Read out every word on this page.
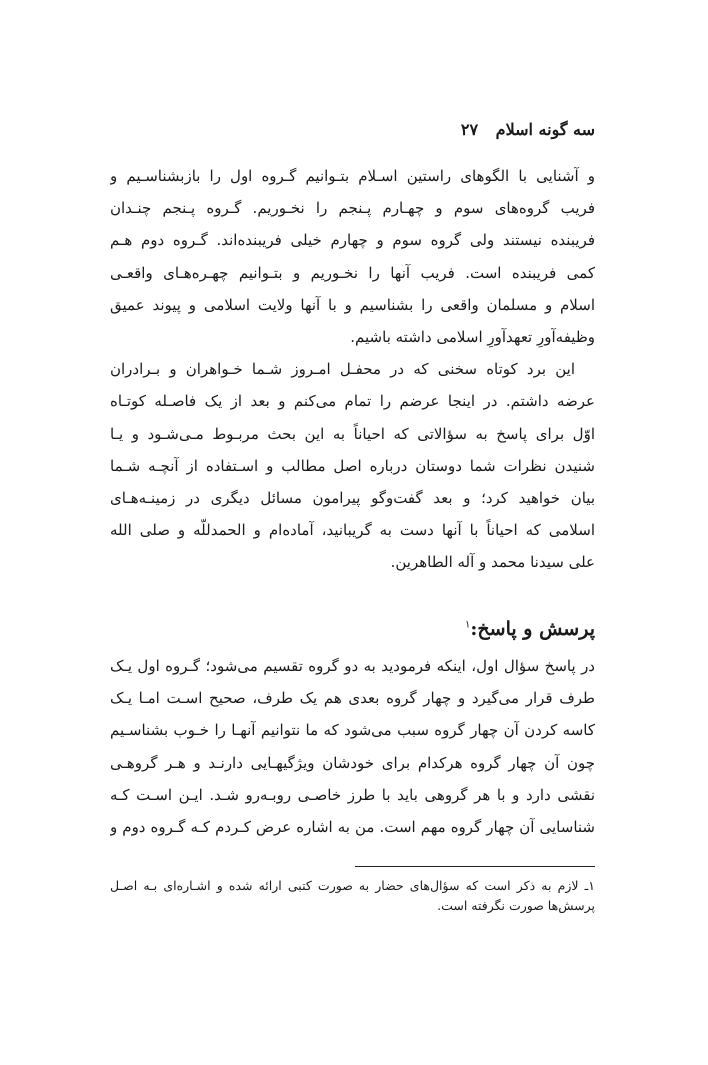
سه گونه اسلام ۲۷
و آشنایی با الگوهای راستین اسـلام بتـوانیم گـروه اول را بازبشناسـیم و
فریب گروه‌های سوم و چهـارم پـنجم را نخـوریم. گـروه پـنجم چنـدان
فریبنده نیستند ولی گروه سوم و چهارم خیلی فریبنده‌اند. گـروه دوم هـم
کمی فریبنده است. فریب آنها را نخـوریم و بتـوانیم چهـره‌هـای واقعـی
اسلام و مسلمان واقعی را بشناسیم و با آنها ولایت اسلامی و پیوند عمیق
وظیفه‌آورِ تعهدآورِ اسلامی داشته باشیم.
این برد کوتاه سخنی که در محفـل امـروز شـما خـواهران و بـرادران
عرضه داشتم. در اینجا عرضم را تمام می‌کنم و بعد از یک فاصـله کوتـاه
اوّل برای پاسخ به سؤالاتی که احیاناً به این بحث مربـوط مـی‌شـود و یـا
شنیدن نظرات شما دوستان درباره اصل مطالب و اسـتفاده از آنچـه شـما
بیان خواهید کرد؛ و بعد گفت‌وگو پیرامون مسائل دیگری در زمینـه‌هـای
اسلامی که احیاناً با آنها دست به گریبانید، آماده‌ام و الحمدللّه و صلی الله
علی سیدنا محمد و آله الطاهرین.
پرسش و پاسخ:$^۱$
در پاسخ سؤال اول، اینکه فرمودید به دو گروه تقسیم می‌شود؛ گـروه اول یـک
طرف قرار می‌گیرد و چهار گروه بعدی هم یک طرف، صحیح اسـت امـا یـک
کاسه کردن آن چهار گروه سبب می‌شود که ما نتوانیم آنهـا را خـوب بشناسـیم
چون آن چهار گروه هرکدام برای خودشان ویژگیهـایی دارنـد و هـر گروهـی
نقشی دارد و با هر گروهی باید با طرز خاصـی روبـه‌رو شـد. ایـن اسـت کـه
شناسایی آن چهار گروه مهم است. من به اشاره عرض کـردم کـه گـروه دوم و
۱ـ لازم به ذکر است که سؤال‌های حضار به صورت کتبی ارائه شده و اشـاره‌ای بـه اصـل
پرسش‌ها صورت نگرفته است.
